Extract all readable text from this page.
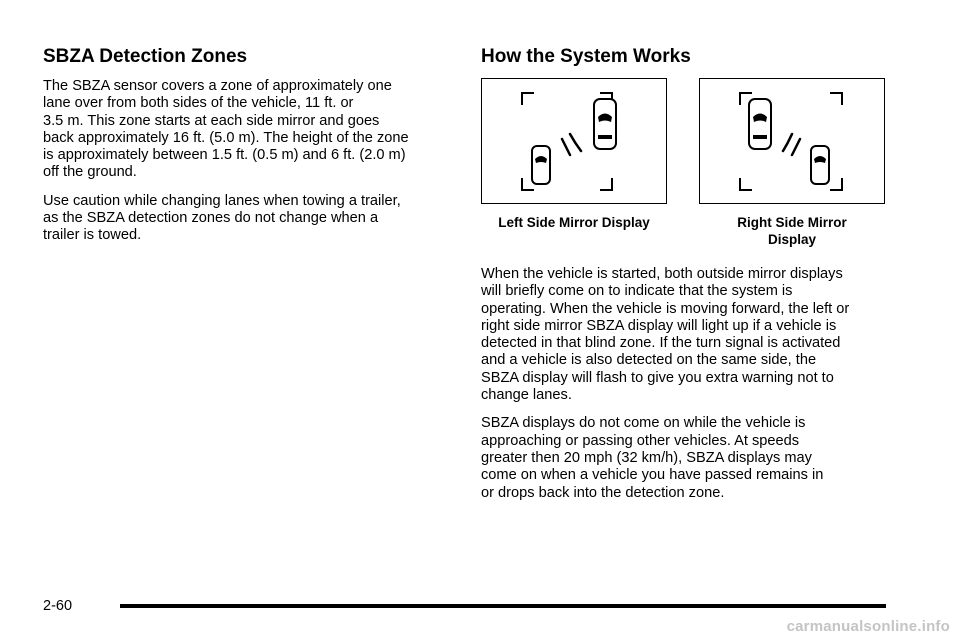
SBZA Detection Zones

The SBZA sensor covers a zone of approximately one
lane over from both sides of the vehicle, 11 ft. or
3.5 m. This zone starts at each side mirror and goes
back approximately 16 ft. (5.0 m). The height of the zone
is approximately between 1.5 ft. (0.5 m) and 6 ft. (2.0 m)
off the ground.

Use caution while changing lanes when towing a trailer,
as the SBZA detection zones do not change when a
trailer is towed.

How the System Works
Left Side Mirror Display	Right Side Mirror
Display

When the vehicle is started, both outside mirror displays
will briefly come on to indicate that the system is
operating. When the vehicle is moving forward, the left or
right side mirror SBZA display will light up if a vehicle is
detected in that blind zone. If the turn signal is activated
and a vehicle is also detected on the same side, the
SBZA display will flash to give you extra warning not to
change lanes.

SBZA displays do not come on while the vehicle is
approaching or passing other vehicles. At speeds
greater then 20 mph (32 km/h), SBZA displays may
come on when a vehicle you have passed remains in
or drops back into the detection zone.

2-60
carmanualsonline.info
